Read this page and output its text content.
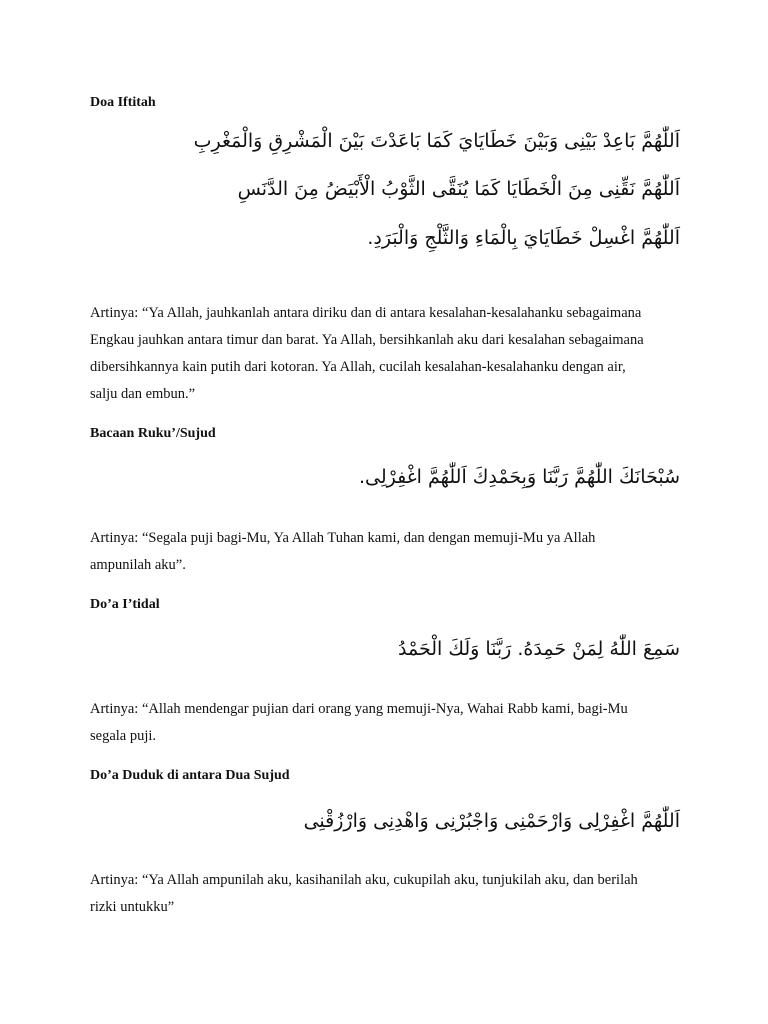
Doa Iftitah
اَللّٰهُمَّ بَاعِدْ بَيْنِى وَبَيْنَ خَطَايَايَ كَمَا بَاعَدْتَ بَيْنَ الْمَشْرِقِ وَالْمَغْرِبِ
اَللّٰهُمَّ نَقِّنِى مِنَ الْخَطَايَا كَمَا يُنَقَّى الثَّوْبُ الْأَبْيَضُ مِنَ الدَّنَسِ
اَللّٰهُمَّ اغْسِلْ خَطَايَايَ بِالْمَاءِ وَالثَّلْجِ وَالْبَرَدِ.
Artinya: “Ya Allah, jauhkanlah antara diriku dan di antara kesalahan-kesalahanku sebagaimana
Engkau jauhkan antara timur dan barat. Ya Allah, bersihkanlah aku dari kesalahan sebagaimana
dibersihkannya kain putih dari kotoran. Ya Allah, cucilah kesalahan-kesalahanku dengan air,
salju dan embun.”
Bacaan Ruku’/Sujud
سُبْحَانَكَ اللّٰهُمَّ رَبَّنَا وَبِحَمْدِكَ اَللّٰهُمَّ اغْفِرْلِى.
Artinya: “Segala puji bagi-Mu, Ya Allah Tuhan kami, dan dengan memuji-Mu ya Allah
ampunilah aku”.
Do’a I’tidal
سَمِعَ اللّٰهُ لِمَنْ حَمِدَهُ. رَبَّنَا وَلَكَ الْحَمْدُ
Artinya: “Allah mendengar pujian dari orang yang memuji-Nya, Wahai Rabb kami, bagi-Mu
segala puji.
Do’a Duduk di antara Dua Sujud
اَللّٰهُمَّ اغْفِرْلِى وَارْحَمْنِى وَاجْبُرْنِى وَاهْدِنِى وَارْزُقْنِى
Artinya: “Ya Allah ampunilah aku, kasihanilah aku, cukupilah aku, tunjukilah aku, dan berilah
rizki untukku”
